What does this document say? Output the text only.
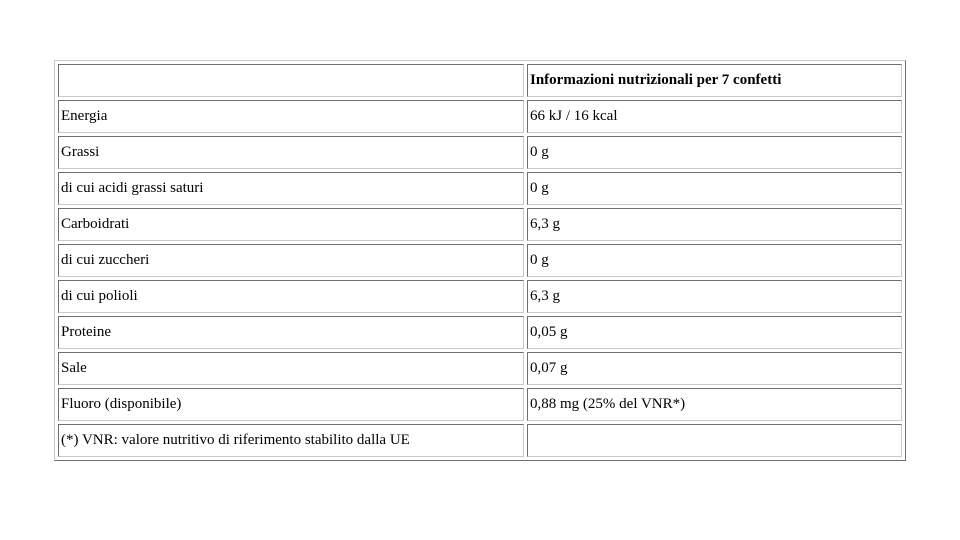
	Informazioni nutrizionali per 7 confetti
Energia	66 kJ / 16 kcal
Grassi	0 g
di cui acidi grassi saturi	0 g
Carboidrati	6,3 g
di cui zuccheri	0 g
di cui polioli	6,3 g
Proteine	0,05 g
Sale	0,07 g
Fluoro (disponibile)	0,88 mg (25% del VNR*)
(*) VNR: valore nutritivo di riferimento stabilito dalla UE	
